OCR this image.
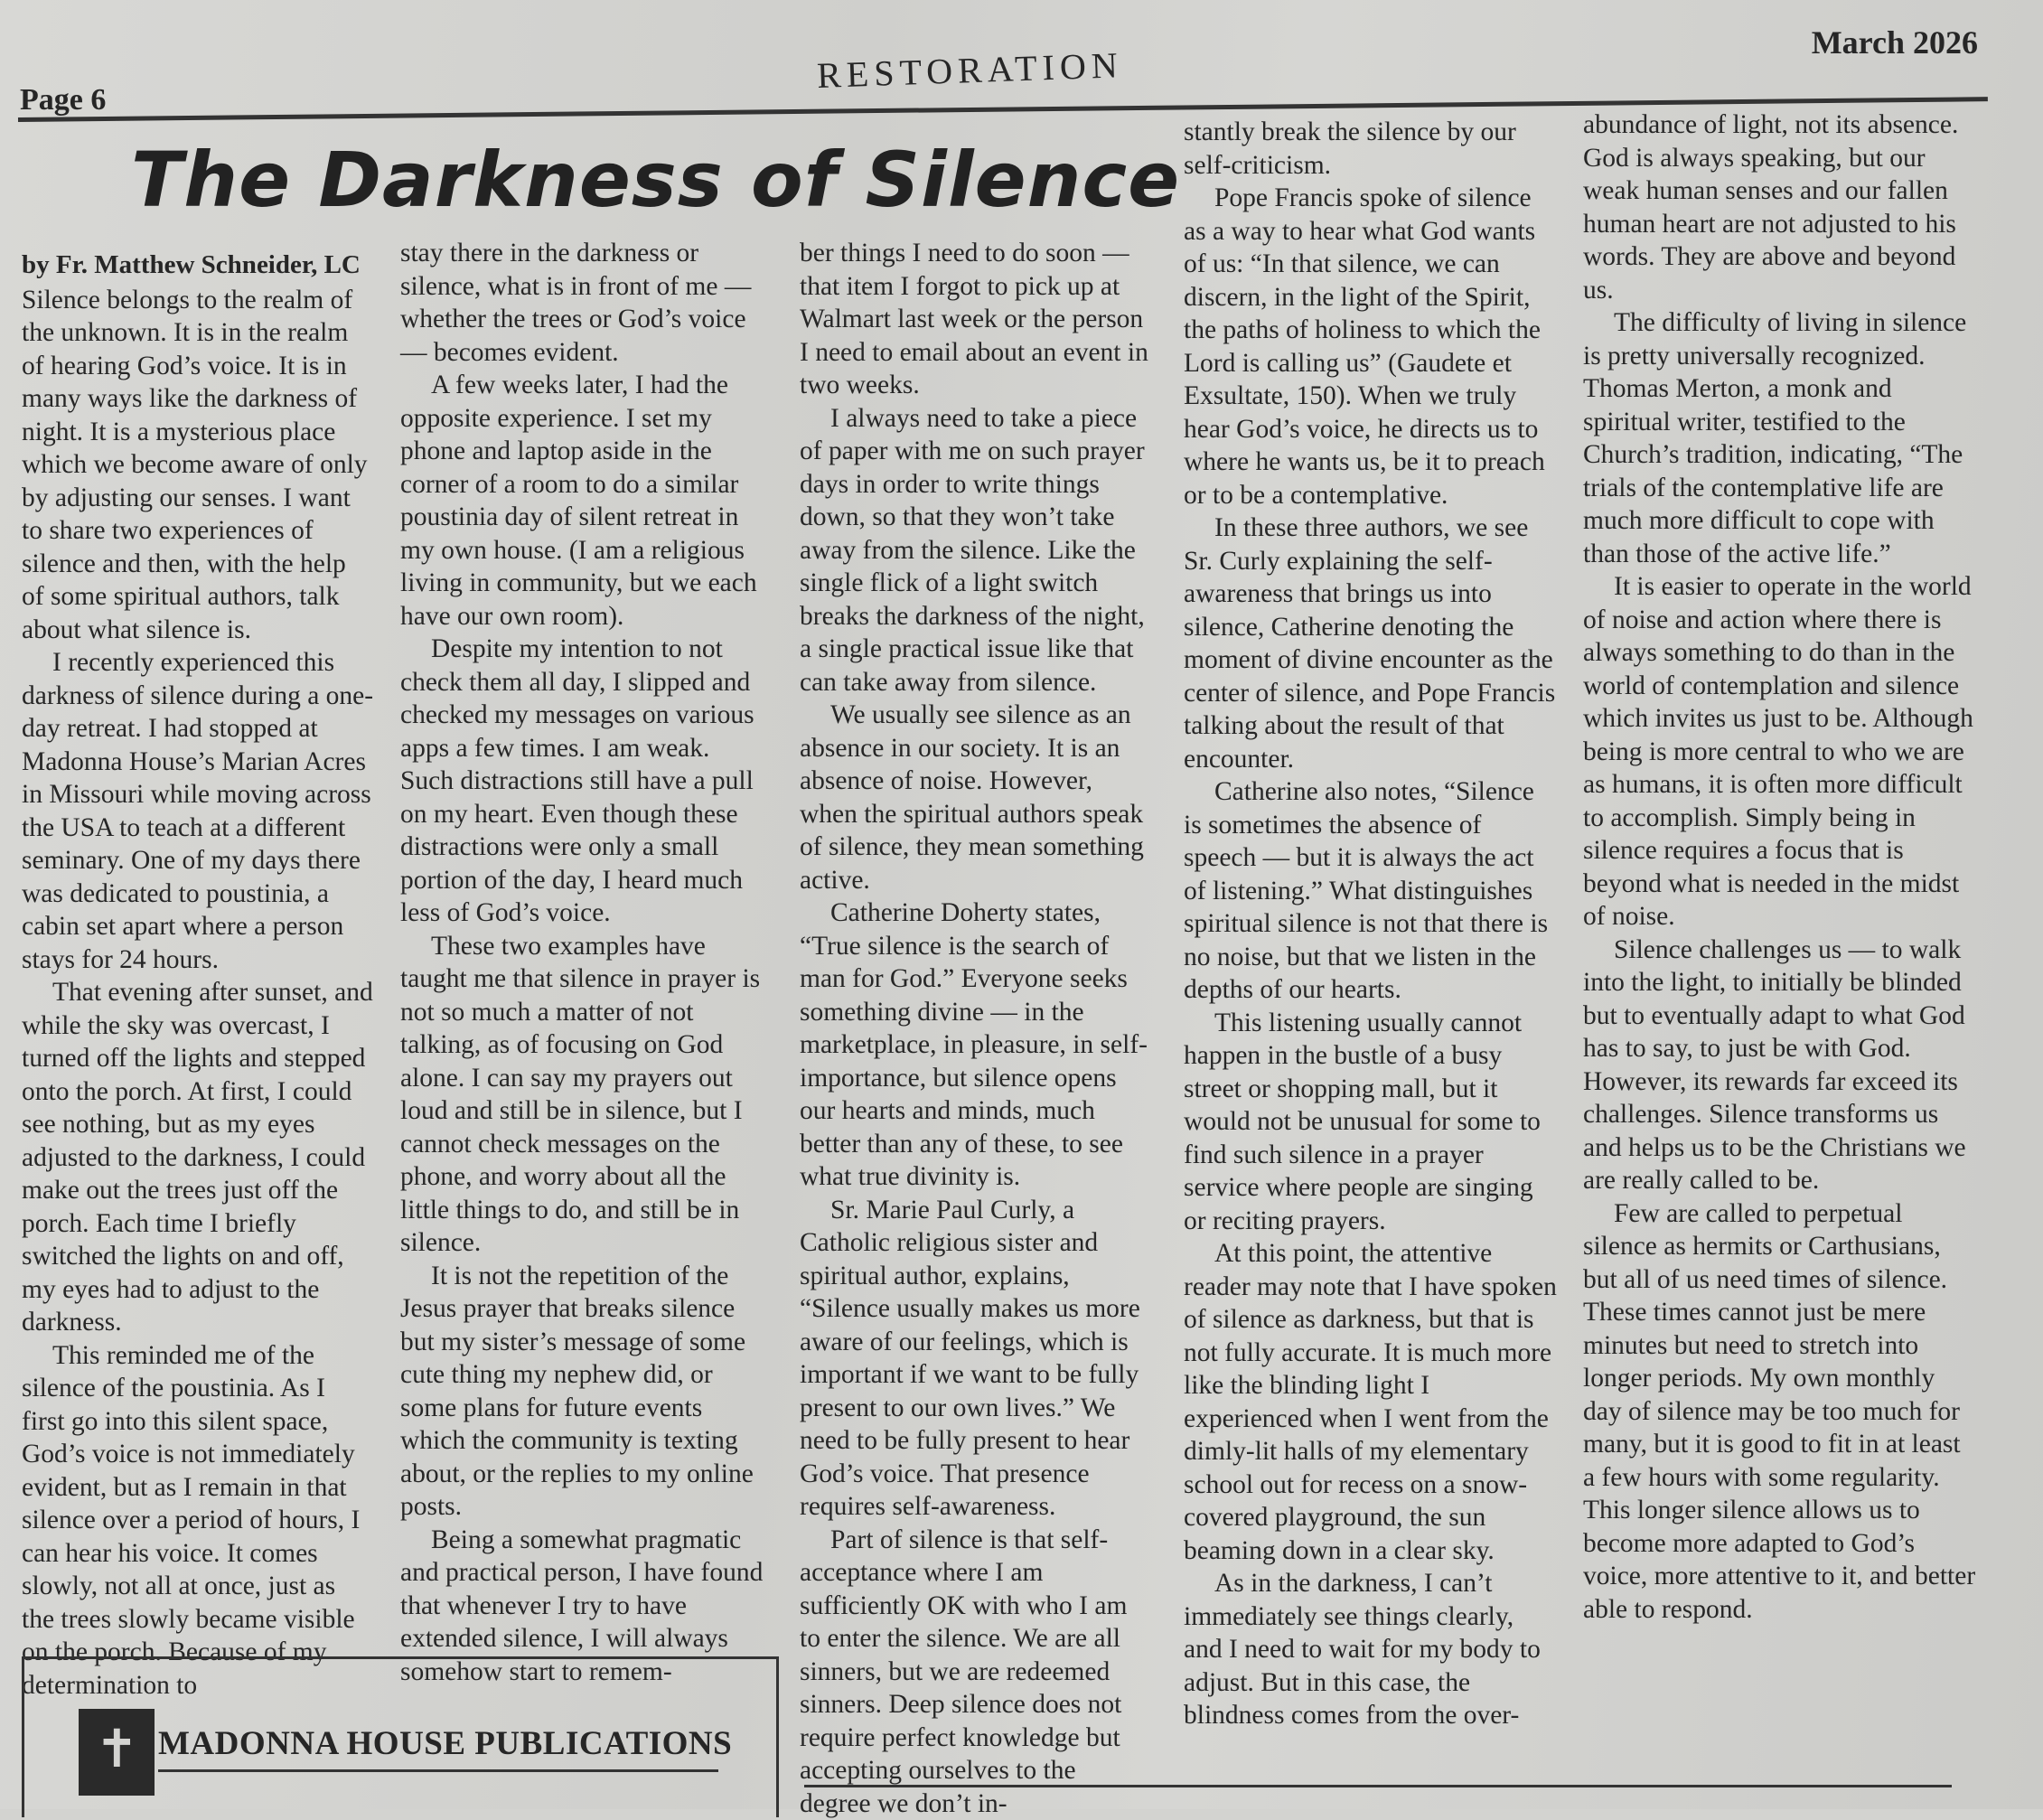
Page 6
RESTORATION
March 2026
The Darkness of Silence
by Fr. Matthew Schneider, LC

Silence belongs to the realm of the unknown. It is in the realm of hearing God’s voice. It is in many ways like the darkness of night. It is a mysterious place which we become aware of only by adjusting our senses. I want to share two experiences of silence and then, with the help of some spiritual authors, talk about what silence is.

I recently experienced this darkness of silence during a one-day retreat. I had stopped at Madonna House’s Marian Acres in Missouri while moving across the USA to teach at a different seminary. One of my days there was dedicated to poustinia, a cabin set apart where a person stays for 24 hours.

That evening after sunset, and while the sky was overcast, I turned off the lights and stepped onto the porch. At first, I could see nothing, but as my eyes adjusted to the darkness, I could make out the trees just off the porch. Each time I briefly switched the lights on and off, my eyes had to adjust to the darkness.

This reminded me of the silence of the poustinia. As I first go into this silent space, God’s voice is not immediately evident, but as I remain in that silence over a period of hours, I can hear his voice. It comes slowly, not all at once, just as the trees slowly became visible on the porch. Because of my determination to

stay there in the darkness or silence, what is in front of me — whether the trees or God’s voice — becomes evident.

A few weeks later, I had the opposite experience. I set my phone and laptop aside in the corner of a room to do a similar poustinia day of silent retreat in my own house. (I am a religious living in community, but we each have our own room).

Despite my intention to not check them all day, I slipped and checked my messages on various apps a few times. I am weak. Such distractions still have a pull on my heart. Even though these distractions were only a small portion of the day, I heard much less of God’s voice.

These two examples have taught me that silence in prayer is not so much a matter of not talking, as of focusing on God alone. I can say my prayers out loud and still be in silence, but I cannot check messages on the phone, and worry about all the little things to do, and still be in silence.

It is not the repetition of the Jesus prayer that breaks silence but my sister’s message of some cute thing my nephew did, or some plans for future events which the community is texting about, or the replies to my online posts.

Being a somewhat pragmatic and practical person, I have found that whenever I try to have extended silence, I will always somehow start to remem-

ber things I need to do soon — that item I forgot to pick up at Walmart last week or the person I need to email about an event in two weeks.

I always need to take a piece of paper with me on such prayer days in order to write things down, so that they won’t take away from the silence. Like the single flick of a light switch breaks the darkness of the night, a single practical issue like that can take away from silence.

We usually see silence as an absence in our society. It is an absence of noise. However, when the spiritual authors speak of silence, they mean something active.

Catherine Doherty states, “True silence is the search of man for God.” Everyone seeks something divine — in the marketplace, in pleasure, in self-importance, but silence opens our hearts and minds, much better than any of these, to see what true divinity is.

Sr. Marie Paul Curly, a Catholic religious sister and spiritual author, explains, “Silence usually makes us more aware of our feelings, which is important if we want to be fully present to our own lives.” We need to be fully present to hear God’s voice. That presence requires self-awareness.

Part of silence is that self-acceptance where I am sufficiently OK with who I am to enter the silence. We are all sinners, but we are redeemed sinners. Deep silence does not require perfect knowledge but accepting ourselves to the degree we don’t in-

stantly break the silence by our self-criticism.

Pope Francis spoke of silence as a way to hear what God wants of us: “In that silence, we can discern, in the light of the Spirit, the paths of holiness to which the Lord is calling us” (Gaudete et Exsultate, 150). When we truly hear God’s voice, he directs us to where he wants us, be it to preach or to be a contemplative.

In these three authors, we see Sr. Curly explaining the self-awareness that brings us into silence, Catherine denoting the moment of divine encounter as the center of silence, and Pope Francis talking about the result of that encounter.

Catherine also notes, “Silence is sometimes the absence of speech — but it is always the act of listening.” What distinguishes spiritual silence is not that there is no noise, but that we listen in the depths of our hearts.

This listening usually cannot happen in the bustle of a busy street or shopping mall, but it would not be unusual for some to find such silence in a prayer service where people are singing or reciting prayers.

At this point, the attentive reader may note that I have spoken of silence as darkness, but that is not fully accurate. It is much more like the blinding light I experienced when I went from the dimly-lit halls of my elementary school out for recess on a snow-covered playground, the sun beaming down in a clear sky.

As in the darkness, I can’t immediately see things clearly, and I need to wait for my body to adjust. But in this case, the blindness comes from the over-

abundance of light, not its absence. God is always speaking, but our weak human senses and our fallen human heart are not adjusted to his words. They are above and beyond us.

The difficulty of living in silence is pretty universally recognized. Thomas Merton, a monk and spiritual writer, testified to the Church’s tradition, indicating, “The trials of the contemplative life are much more difficult to cope with than those of the active life.”

It is easier to operate in the world of noise and action where there is always something to do than in the world of contemplation and silence which invites us just to be. Although being is more central to who we are as humans, it is often more difficult to accomplish. Simply being in silence requires a focus that is beyond what is needed in the midst of noise.

Silence challenges us — to walk into the light, to initially be blinded but to eventually adapt to what God has to say, to just be with God. However, its rewards far exceed its challenges. Silence transforms us and helps us to be the Christians we are really called to be.

Few are called to perpetual silence as hermits or Carthusians, but all of us need times of silence. These times cannot just be mere minutes but need to stretch into longer periods. My own monthly day of silence may be too much for many, but it is good to fit in at least a few hours with some regularity. This longer silence allows us to become more adapted to God’s voice, more attentive to it, and better able to respond.

✝ MADONNA HOUSE PUBLICATIONS
